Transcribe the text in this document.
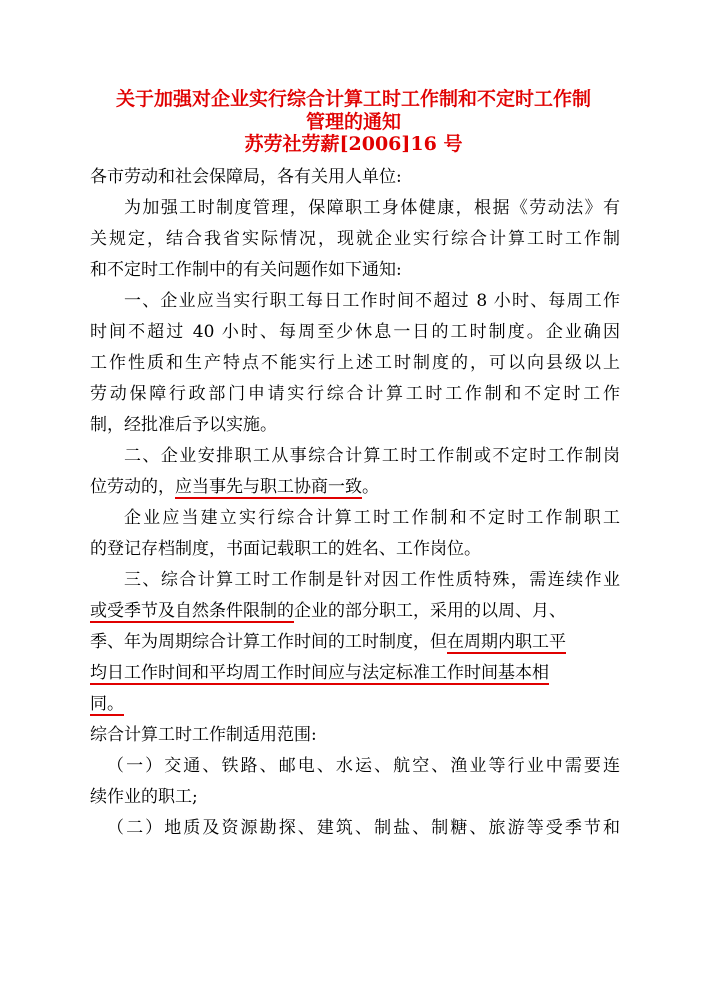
关于加强对企业实行综合计算工时工作制和不定时工作制
管理的通知
苏劳社劳薪[2006]16 号
各市劳动和社会保障局，各有关用人单位:
为加强工时制度管理，保障职工身体健康，根据《劳动法》有
关规定，结合我省实际情况，现就企业实行综合计算工时工作制
和不定时工作制中的有关问题作如下通知:
一、企业应当实行职工每日工作时间不超过 8 小时、每周工作
时间不超过 40 小时、每周至少休息一日的工时制度。企业确因
工作性质和生产特点不能实行上述工时制度的，可以向县级以上
劳动保障行政部门申请实行综合计算工时工作制和不定时工作
制，经批准后予以实施。
二、企业安排职工从事综合计算工时工作制或不定时工作制岗
位劳动的，应当事先与职工协商一致。
企业应当建立实行综合计算工时工作制和不定时工作制职工
的登记存档制度，书面记载职工的姓名、工作岗位。
三、综合计算工时工作制是针对因工作性质特殊，需连续作业
或受季节及自然条件限制的企业的部分职工，采用的以周、月、
季、年为周期综合计算工作时间的工时制度，但在周期内职工平
均日工作时间和平均周工作时间应与法定标准工作时间基本相
同。
综合计算工时工作制适用范围:
（一）交通、铁路、邮电、水运、航空、渔业等行业中需要连
续作业的职工;
（二）地质及资源勘探、建筑、制盐、制糖、旅游等受季节和
